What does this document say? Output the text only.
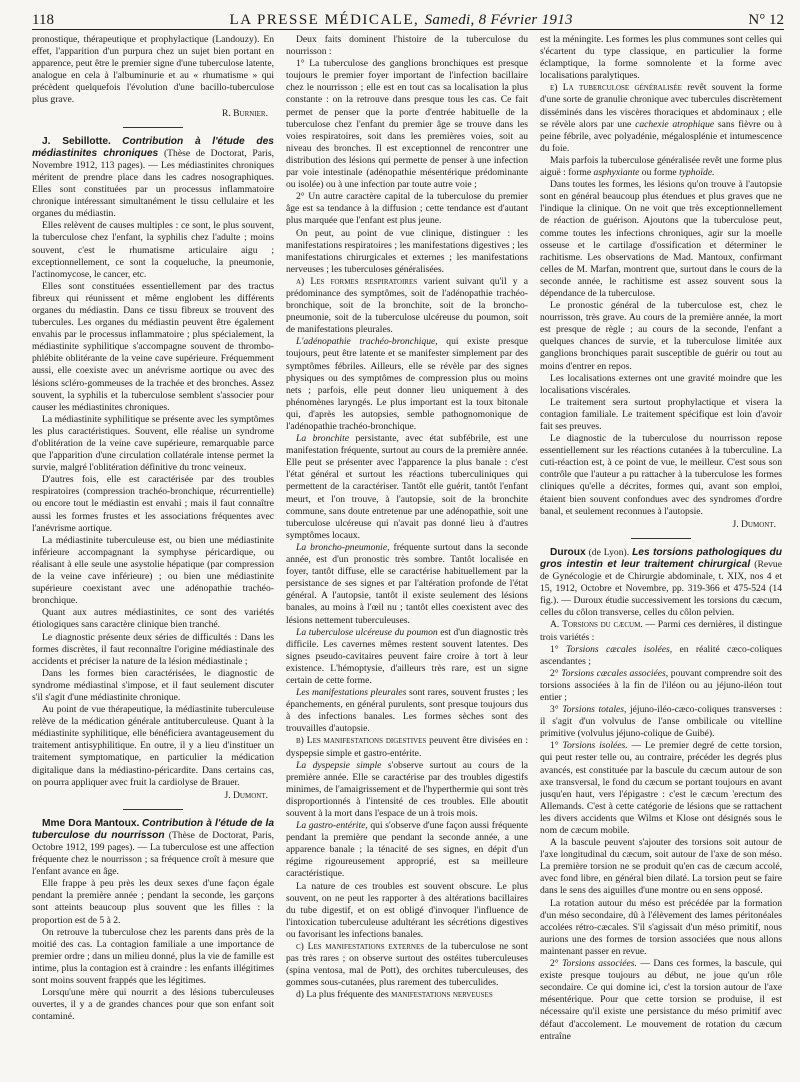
118	LA PRESSE MÉDICALE, Samedi, 8 Février 1913	N° 12

pronostique, thérapeutique et prophylactique (Landouzy). En effet, l'apparition d'un purpura chez un sujet bien portant en apparence, peut être le premier signe d'une tuberculose latente, analogue en cela à l'albuminurie et au « rhumatisme » qui précèdent quelquefois l'évolution d'une bacillo-tuberculose plus grave.

R. Burnier.

J. Sebillotte. Contribution à l'étude des médiastinites chroniques (Thèse de Doctorat, Paris, Novembre 1912, 113 pages). — Les médiastinites chroniques méritent de prendre place dans les cadres nosographiques. Elles sont constituées par un processus inflammatoire chronique intéressant simultanément le tissu cellulaire et les organes du médiastin.

Elles relèvent de causes multiples : ce sont, le plus souvent, la tuberculose chez l'enfant, la syphilis chez l'adulte ; moins souvent, c'est le rhumatisme articulaire aigu ; exceptionnellement, ce sont la coqueluche, la pneumonie, l'actinomycose, le cancer, etc.

Elles sont constituées essentiellement par des tractus fibreux qui réunissent et même englobent les différents organes du médiastin. Dans ce tissu fibreux se trouvent des tubercules. Les organes du médiastin peuvent être également envahis par le processus inflammatoire ; plus spécialement, la médiastinite syphilitique s'accompagne souvent de thrombo-phlébite oblitérante de la veine cave supérieure. Fréquemment aussi, elle coexiste avec un anévrisme aortique ou avec des lésions scléro-gommeuses de la trachée et des bronches. Assez souvent, la syphilis et la tuberculose semblent s'associer pour causer les médiastinites chroniques.

La médiastinite syphilitique se présente avec les symptômes les plus caractéristiques. Souvent, elle réalise un syndrome d'oblitération de la veine cave supérieure, remarquable parce que l'apparition d'une circulation collatérale intense permet la survie, malgré l'oblitération définitive du tronc veineux.

D'autres fois, elle est caractérisée par des troubles respiratoires (compression trachéo-bronchique, récurrentielle) ou encore tout le médiastin est envahi ; mais il faut connaître aussi les formes frustes et les associations fréquentes avec l'anévrisme aortique.

La médiastinite tuberculeuse est, ou bien une médiastinite inférieure accompagnant la symphyse péricardique, ou réalisant à elle seule une asystolie hépatique (par compression de la veine cave inférieure) ; ou bien une médiastinite supérieure coexistant avec une adénopathie trachéo-bronchique.

Quant aux autres médiastinites, ce sont des variétés étiologiques sans caractère clinique bien tranché.

Le diagnostic présente deux séries de difficultés : Dans les formes discrètes, il faut reconnaître l'origine médiastinale des accidents et préciser la nature de la lésion médiastinale ;

Dans les formes bien caractérisées, le diagnostic de syndrome médiastinal s'impose, et il faut seulement discuter s'il s'agit d'une médiastinite chronique.

Au point de vue thérapeutique, la médiastinite tuberculeuse relève de la médication générale antituberculeuse. Quant à la médiastinite syphilitique, elle bénéficiera avantageusement du traitement antisyphilitique. En outre, il y a lieu d'instituer un traitement symptomatique, en particulier la médication digitalique dans la médiastino-péricardite. Dans certains cas, on pourra appliquer avec fruit la cardiolyse de Brauer.

J. Dumont.

Mme Dora Mantoux. Contribution à l'étude de la tuberculose du nourrisson (Thèse de Doctorat, Paris, Octobre 1912, 199 pages). — La tuberculose est une affection fréquente chez le nourrisson ; sa fréquence croît à mesure que l'enfant avance en âge.

Elle frappe à peu près les deux sexes d'une façon égale pendant la première année ; pendant la seconde, les garçons sont atteints beaucoup plus souvent que les filles : la proportion est de 5 à 2.

On retrouve la tuberculose chez les parents dans près de la moitié des cas. La contagion familiale a une importance de premier ordre ; dans un milieu donné, plus la vie de famille est intime, plus la contagion est à craindre : les enfants illégitimes sont moins souvent frappés que les légitimes.

Lorsqu'une mère qui nourrit a des lésions tuberculeuses ouvertes, il y a de grandes chances pour que son enfant soit contaminé.

Deux faits dominent l'histoire de la tuberculose du nourrisson :

1° La tuberculose des ganglions bronchiques est presque toujours le premier foyer important de l'infection bacillaire chez le nourrisson ; elle est en tout cas sa localisation la plus constante : on la retrouve dans presque tous les cas. Ce fait permet de penser que la porte d'entrée habituelle de la tuberculose chez l'enfant du premier âge se trouve dans les voies respiratoires, soit dans les premières voies, soit au niveau des bronches. Il est exceptionnel de rencontrer une distribution des lésions qui permette de penser à une infection par voie intestinale (adénopathie mésentérique prédominante ou isolée) ou à une infection par toute autre voie ;

2° Un autre caractère capital de la tuberculose du premier âge est sa tendance à la diffusion ; cette tendance est d'autant plus marquée que l'enfant est plus jeune.

On peut, au point de vue clinique, distinguer : les manifestations respiratoires ; les manifestations digestives ; les manifestations chirurgicales et externes ; les manifestations nerveuses ; les tuberculoses généralisées.

a) Les formes respiratoires varient suivant qu'il y a prédominance des symptômes, soit de l'adénopathie trachéo-bronchique, soit de la bronchite, soit de la broncho-pneumonie, soit de la tuberculose ulcéreuse du poumon, soit de manifestations pleurales.

L'adénopathie trachéo-bronchique, qui existe presque toujours, peut être latente et se manifester simplement par des symptômes fébriles. Ailleurs, elle se révèle par des signes physiques ou des symptômes de compression plus ou moins nets ; parfois, elle peut donner lieu uniquement à des phénomènes laryngés. Le plus important est la toux bitonale qui, d'après les autopsies, semble pathognomonique de l'adénopathie trachéo-bronchique.

La bronchite persistante, avec état subfébrile, est une manifestation fréquente, surtout au cours de la première année. Elle peut se présenter avec l'apparence la plus banale : c'est l'état général et surtout les réactions tuberculiniques qui permettent de la caractériser. Tantôt elle guérit, tantôt l'enfant meurt, et l'on trouve, à l'autopsie, soit de la bronchite commune, sans doute entretenue par une adénopathie, soit une tuberculose ulcéreuse qui n'avait pas donné lieu à d'autres symptômes locaux.

La broncho-pneumonie, fréquente surtout dans la seconde année, est d'un pronostic très sombre. Tantôt localisée en foyer, tantôt diffuse, elle se caractérise habituellement par la persistance de ses signes et par l'altération profonde de l'état général. A l'autopsie, tantôt il existe seulement des lésions banales, au moins à l'œil nu ; tantôt elles coexistent avec des lésions nettement tuberculeuses.

La tuberculose ulcéreuse du poumon est d'un diagnostic très difficile. Les cavernes mêmes restent souvent latentes. Des signes pseudo-cavitaires peuvent faire croire à tort à leur existence. L'hémoptysie, d'ailleurs très rare, est un signe certain de cette forme.

Les manifestations pleurales sont rares, souvent frustes ; les épanchements, en général purulents, sont presque toujours dus à des infections banales. Les formes sèches sont des trouvailles d'autopsie.

b) Les manifestations digestives peuvent être divisées en : dyspepsie simple et gastro-entérite.

La dyspepsie simple s'observe surtout au cours de la première année. Elle se caractérise par des troubles digestifs minimes, de l'amaigrissement et de l'hyperthermie qui sont très disproportionnés à l'intensité de ces troubles. Elle aboutit souvent à la mort dans l'espace de un à trois mois.

La gastro-entérite, qui s'observe d'une façon aussi fréquente pendant la première que pendant la seconde année, a une apparence banale ; la ténacité de ses signes, en dépit d'un régime rigoureusement approprié, est sa meilleure caractéristique.

La nature de ces troubles est souvent obscure. Le plus souvent, on ne peut les rapporter à des altérations bacillaires du tube digestif, et on est obligé d'invoquer l'influence de l'intoxication tuberculeuse adultérant les sécrétions digestives ou favorisant les infections banales.

c) Les manifestations externes de la tuberculose ne sont pas très rares ; on observe surtout des ostéites tuberculeuses (spina ventosa, mal de Pott), des orchites tuberculeuses, des gommes sous-cutanées, plus rarement des tuberculides.

d) La plus fréquente des manifestations nerveuses

est la méningite. Les formes les plus communes sont celles qui s'écartent du type classique, en particulier la forme éclamptique, la forme somnolente et la forme avec localisations paralytiques.

e) La tuberculose généralisée revêt souvent la forme d'une sorte de granulie chronique avec tubercules discrètement disséminés dans les viscères thoraciques et abdominaux ; elle se révèle alors par une cachexie atrophique sans fièvre ou à peine fébrile, avec polyadénie, mégalosplénie et intumescence du foie.

Mais parfois la tuberculose généralisée revêt une forme plus aiguë : forme asphyxiante ou forme typhoïde.

Dans toutes les formes, les lésions qu'on trouve à l'autopsie sont en général beaucoup plus étendues et plus graves que ne l'indique la clinique. On ne voit que très exceptionnellement de réaction de guérison. Ajoutons que la tuberculose peut, comme toutes les infections chroniques, agir sur la moelle osseuse et le cartilage d'ossification et déterminer le rachitisme. Les observations de Mad. Mantoux, confirmant celles de M. Marfan, montrent que, surtout dans le cours de la seconde année, le rachitisme est assez souvent sous la dépendance de la tuberculose.

Le pronostic général de la tuberculose est, chez le nourrisson, très grave. Au cours de la première année, la mort est presque de règle ; au cours de la seconde, l'enfant a quelques chances de survie, et la tuberculose limitée aux ganglions bronchiques parait susceptible de guérir ou tout au moins d'entrer en repos.

Les localisations externes ont une gravité moindre que les localisations viscérales.

Le traitement sera surtout prophylactique et visera la contagion familiale. Le traitement spécifique est loin d'avoir fait ses preuves.

Le diagnostic de la tuberculose du nourrisson repose essentiellement sur les réactions cutanées à la tuberculine. La cuti-réaction est, à ce point de vue, le meilleur. C'est sous son contrôle que l'auteur a pu rattacher à la tuberculose les formes cliniques qu'elle a décrites, formes qui, avant son emploi, étaient bien souvent confondues avec des syndromes d'ordre banal, et seulement reconnues à l'autopsie.

J. Dumont.

Duroux (de Lyon). Les torsions pathologiques du gros intestin et leur traitement chirurgical (Revue de Gynécologie et de Chirurgie abdominale, t. XIX, nos 4 et 15, 1912, Octobre et Novembre, pp. 319-366 et 475-524 (14 fig.). — Duroux étudie successivement les torsions du cæcum, celles du côlon transverse, celles du côlon pelvien.

A. Torsions du cæcum. — Parmi ces dernières, il distingue trois variétés :

1° Torsions cæcales isolées, en réalité cæco-coliques ascendantes ;

2° Torsions cæcales associées, pouvant comprendre soit des torsions associées à la fin de l'iléon ou au jéjuno-iléon tout entier ;

3° Torsions totales, jéjuno-iléo-cæco-coliques transverses : il s'agit d'un volvulus de l'anse ombilicale ou vitelline primitive (volvulus jéjuno-colique de Guibé).

1° Torsions isolées. — Le premier degré de cette torsion, qui peut rester telle ou, au contraire, précéder les degrés plus avancés, est constituée par la bascule du cæcum autour de son axe transversal, le fond du cæcum se portant toujours en avant jusqu'en haut, vers l'épigastre : c'est le cæcum 'erectum des Allemands. C'est à cette catégorie de lésions que se rattachent les divers accidents que Wilms et Klose ont désignés sous le nom de cæcum mobile.

A la bascule peuvent s'ajouter des torsions soit autour de l'axe longitudinal du cæcum, soit autour de l'axe de son méso. La première torsion ne se produit qu'en cas de cæcum accolé, avec fond libre, en général bien dilaté. La torsion peut se faire dans le sens des aiguilles d'une montre ou en sens opposé.

La rotation autour du méso est précédée par la formation d'un méso secondaire, dû à l'élèvement des lames péritonéales accolées rétro-cæcales. S'il s'agissait d'un méso primitif, nous aurions une des formes de torsion associées que nous allons maintenant passer en revue.

2° Torsions associées. — Dans ces formes, la bascule, qui existe presque toujours au début, ne joue qu'un rôle secondaire. Ce qui domine ici, c'est la torsion autour de l'axe mésentérique. Pour que cette torsion se produise, il est nécessaire qu'il existe une persistance du méso primitif avec défaut d'accolement. Le mouvement de rotation du cæcum entraîne
